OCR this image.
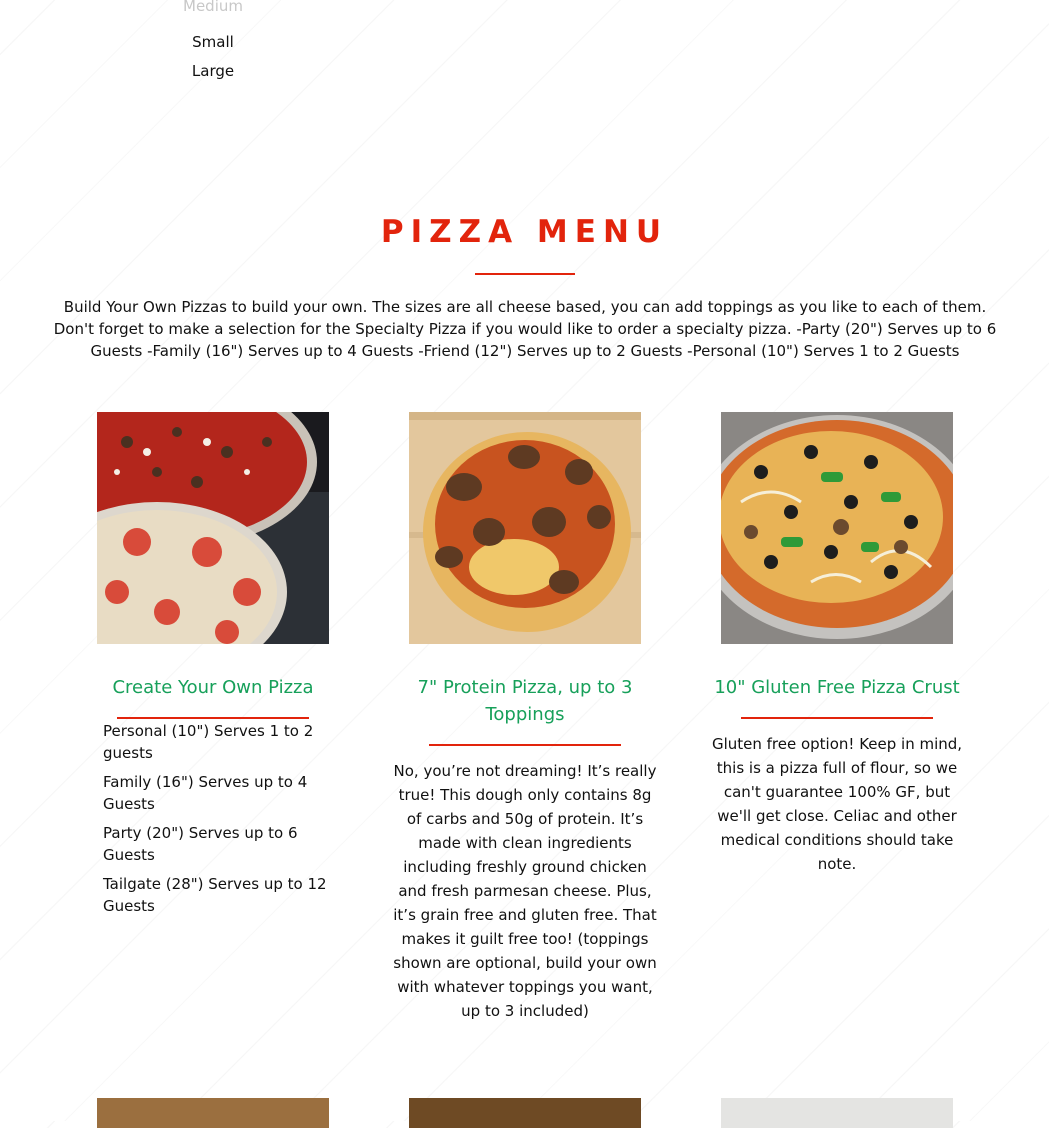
Medium
Small
Large
PIZZA MENU
Build Your Own Pizzas to build your own. The sizes are all cheese based, you can add toppings as you like to each of them. Don't forget to make a selection for the Specialty Pizza if you would like to order a specialty pizza. -Party (20") Serves up to 6 Guests -Family (16") Serves up to 4 Guests -Friend (12") Serves up to 2 Guests -Personal (10") Serves 1 to 2 Guests
Create Your Own Pizza
Personal (10") Serves 1 to 2 guests
Family (16") Serves up to 4 Guests
Party (20") Serves up to 6 Guests
Tailgate (28") Serves up to 12 Guests
7" Protein Pizza, up to 3 Toppings
No, you’re not dreaming! It’s really true! This dough only contains 8g of carbs and 50g of protein. It’s made with clean ingredients including freshly ground chicken and fresh parmesan cheese. Plus, it’s grain free and gluten free. That makes it guilt free too! (toppings shown are optional, build your own with whatever toppings you want, up to 3 included)
10" Gluten Free Pizza Crust
Gluten free option! Keep in mind, this is a pizza full of flour, so we can't guarantee 100% GF, but we'll get close. Celiac and other medical conditions should take note.
